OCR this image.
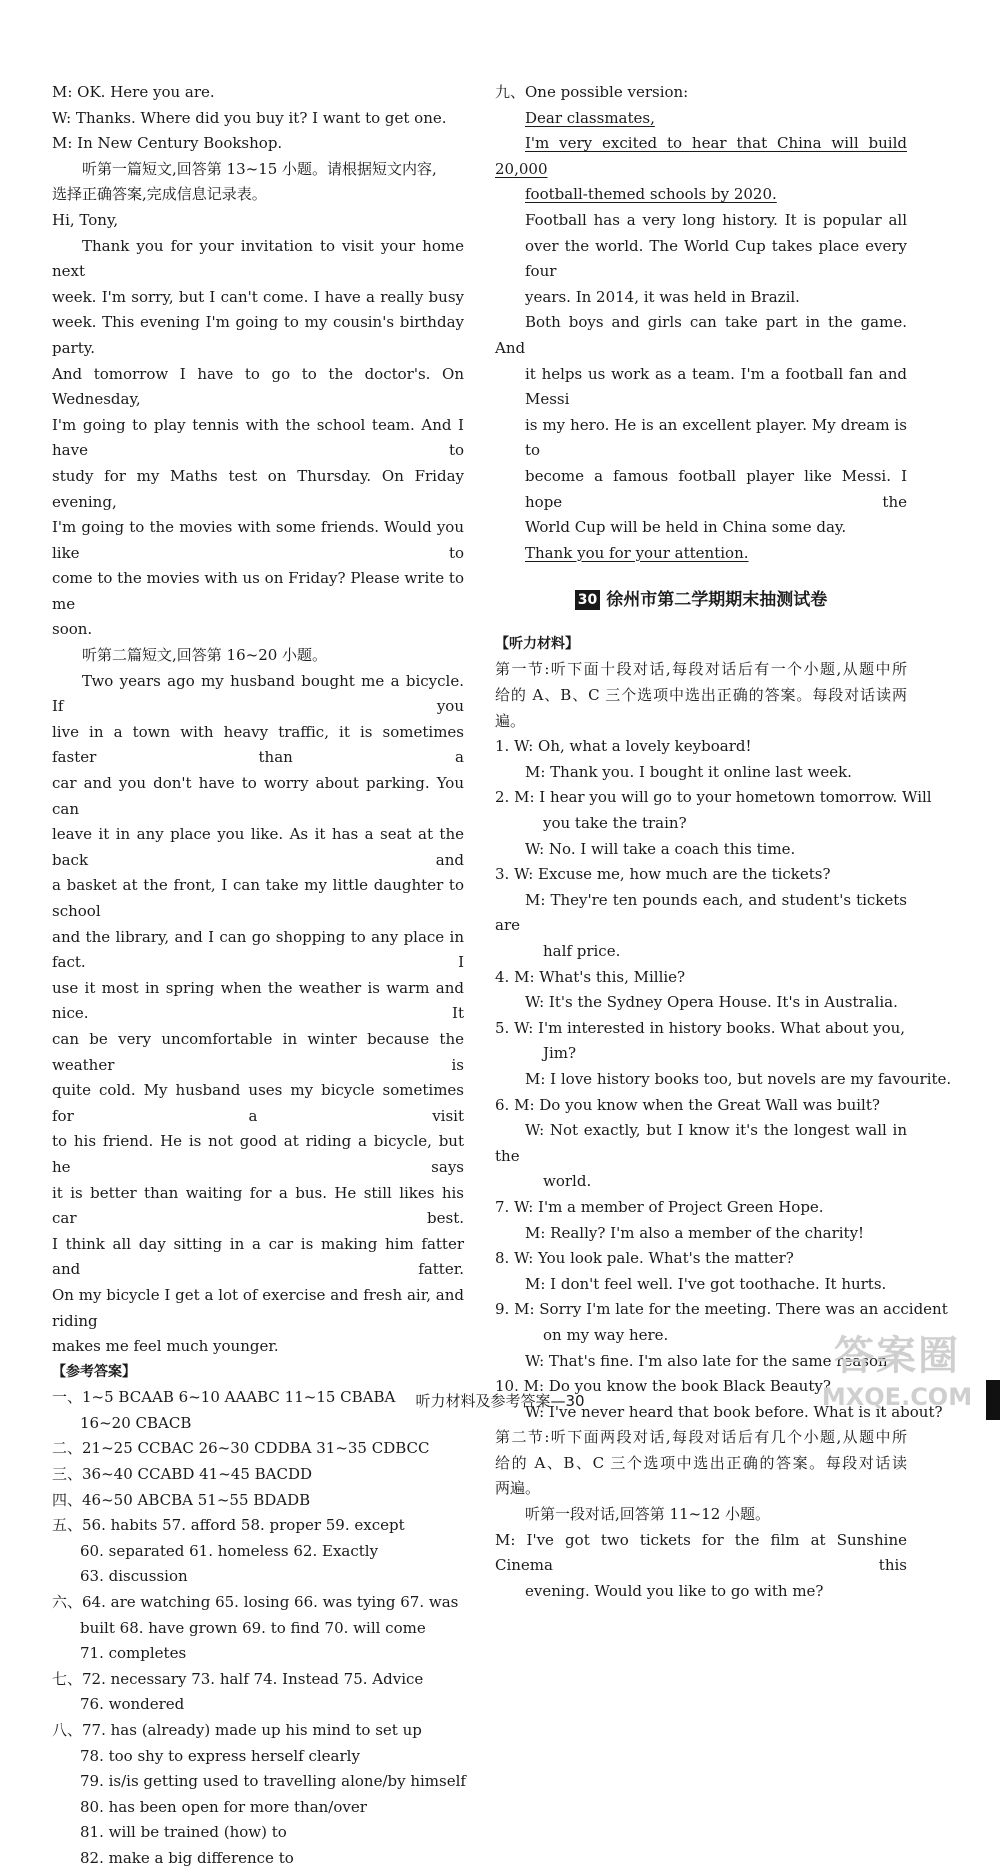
M: OK. Here you are.
W: Thanks. Where did you buy it? I want to get one.
M: In New Century Bookshop.
听第一篇短文,回答第 13~15 小题。请根据短文内容,
选择正确答案,完成信息记录表。
Hi, Tony,
Thank you for your invitation to visit your home next
week. I'm sorry, but I can't come. I have a really busy
week. This evening I'm going to my cousin's birthday party.
And tomorrow I have to go to the doctor's. On Wednesday,
I'm going to play tennis with the school team. And I have to
study for my Maths test on Thursday. On Friday evening,
I'm going to the movies with some friends. Would you like to
come to the movies with us on Friday? Please write to me
soon.
听第二篇短文,回答第 16~20 小题。
Two years ago my husband bought me a bicycle. If you
live in a town with heavy traffic, it is sometimes faster than a
car and you don't have to worry about parking. You can
leave it in any place you like. As it has a seat at the back and
a basket at the front, I can take my little daughter to school
and the library, and I can go shopping to any place in fact. I
use it most in spring when the weather is warm and nice. It
can be very uncomfortable in winter because the weather is
quite cold. My husband uses my bicycle sometimes for a visit
to his friend. He is not good at riding a bicycle, but he says
it is better than waiting for a bus. He still likes his car best.
I think all day sitting in a car is making him fatter and fatter.
On my bicycle I get a lot of exercise and fresh air, and riding
makes me feel much younger.
【参考答案】
一、1~5 BCAAB 6~10 AAABC 11~15 CBABA
16~20 CBACB
二、21~25 CCBAC 26~30 CDDBA 31~35 CDBCC
三、36~40 CCABD 41~45 BACDD
四、46~50 ABCBA 51~55 BDADB
五、56. habits 57. afford 58. proper 59. except
60. separated 61. homeless 62. Exactly
63. discussion
六、64. are watching 65. losing 66. was tying 67. was
built 68. have grown 69. to find 70. will come
71. completes
七、72. necessary 73. half 74. Instead 75. Advice
76. wondered
八、77. has (already) made up his mind to set up
78. too shy to express herself clearly
79. is/is getting used to travelling alone/by himself
80. has been open for more than/over
81. will be trained (how) to
82. make a big difference to
九、One possible version:
Dear classmates,
I'm very excited to hear that China will build 20,000
football-themed schools by 2020.
Football has a very long history. It is popular all
over the world. The World Cup takes place every four
years. In 2014, it was held in Brazil.
Both boys and girls can take part in the game. And
it helps us work as a team. I'm a football fan and Messi
is my hero. He is an excellent player. My dream is to
become a famous football player like Messi. I hope the
World Cup will be held in China some day.
Thank you for your attention.
30 徐州市第二学期期末抽测试卷
【听力材料】
第一节:听下面十段对话,每段对话后有一个小题,从题中所
给的 A、B、C 三个选项中选出正确的答案。每段对话读两
遍。
1. W: Oh, what a lovely keyboard!
M: Thank you. I bought it online last week.
2. M: I hear you will go to your hometown tomorrow. Will
you take the train?
W: No. I will take a coach this time.
3. W: Excuse me, how much are the tickets?
M: They're ten pounds each, and student's tickets are
half price.
4. M: What's this, Millie?
W: It's the Sydney Opera House. It's in Australia.
5. W: I'm interested in history books. What about you,
Jim?
M: I love history books too, but novels are my favourite.
6. M: Do you know when the Great Wall was built?
W: Not exactly, but I know it's the longest wall in the
world.
7. W: I'm a member of Project Green Hope.
M: Really? I'm also a member of the charity!
8. W: You look pale. What's the matter?
M: I don't feel well. I've got toothache. It hurts.
9. M: Sorry I'm late for the meeting. There was an accident
on my way here.
W: That's fine. I'm also late for the same reason.
10. M: Do you know the book Black Beauty?
W: I've never heard that book before. What is it about?
第二节:听下面两段对话,每段对话后有几个小题,从题中所
给的 A、B、C 三个选项中选出正确的答案。每段对话读
两遍。
听第一段对话,回答第 11~12 小题。
M: I've got two tickets for the film at Sunshine Cinema this
evening. Would you like to go with me?
听力材料及参考答案—30
答案圈
MXQE.COM
